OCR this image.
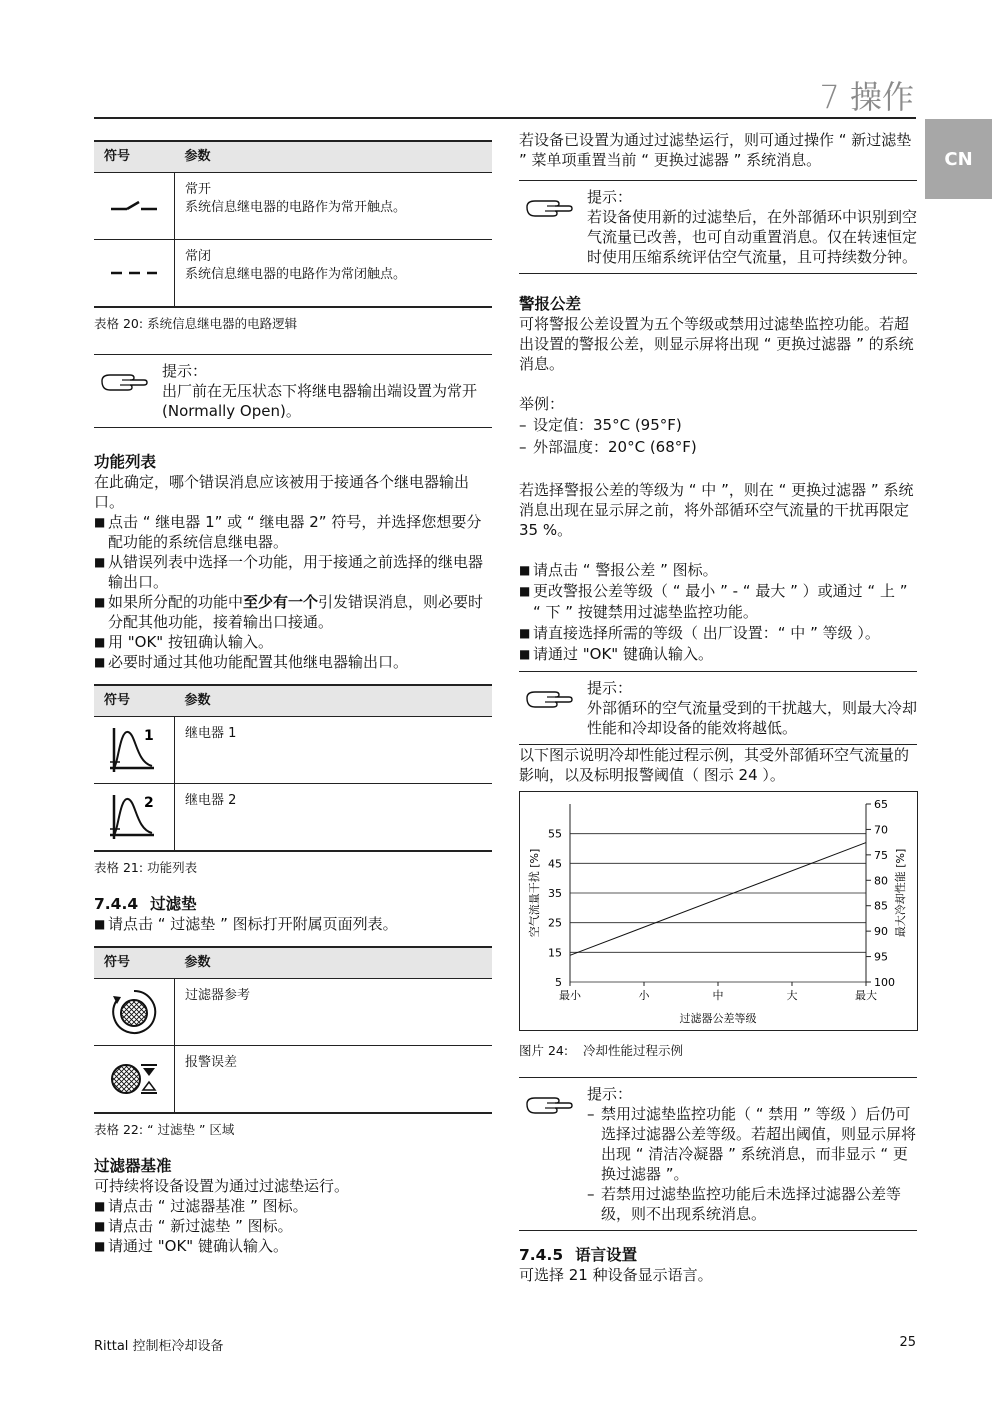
7 操作
CN
符号	参数

常开
系统信息继电器的电路作为常开触点。

常闭
系统信息继电器的电路作为常闭触点。
表格 20: 系统信息继电器的电路逻辑
提示：
出厂前在无压状态下将继电器输出端设置为常开 (Normally Open)。
功能列表

在此确定，哪个错误消息应该被用于接通各个继电器输出口。

■ 点击 “ 继电器 1” 或 “ 继电器 2” 符号，并选择您想要分配功能的系统信息继电器。
■ 从错误列表中选择一个功能，用于接通之前选择的继电器输出口。
■ 如果所分配的功能中至少有一个引发错误消息，则必要时分配其他功能，接着输出口接通。
■ 用 "OK" 按钮确认输入。
■ 必要时通过其他功能配置其他继电器输出口。
符号	参数

1	继电器 1

2	继电器 2
表格 21: 功能列表
7.4.4 过滤垫
■ 请点击 “ 过滤垫 ” 图标打开附属页面列表。
符号	参数

过滤器参考

报警误差
表格 22: “ 过滤垫 ” 区域
过滤器基准

可持续将设备设置为通过过滤垫运行。

■ 请点击 “ 过滤器基准 ” 图标。
■ 请点击 “ 新过滤垫 ” 图标。
■ 请通过 "OK" 键确认输入。

若设备已设置为通过过滤垫运行，则可通过操作 “ 新过滤垫 ” 菜单项重置当前 “ 更换过滤器 ” 系统消息。

提示：
若设备使用新的过滤垫后，在外部循环中识别到空气流量已改善，也可自动重置消息。仅在转速恒定时使用压缩系统评估空气流量，且可持续数分钟。
警报公差

可将警报公差设置为五个等级或禁用过滤垫监控功能。若超出设置的警报公差，则显示屏将出现 “ 更换过滤器 ” 的系统消息。

举例：

– 设定值：35°C (95°F)
– 外部温度：20°C (68°F)

若选择警报公差的等级为 “ 中 ”，则在 “ 更换过滤器 ” 系统消息出现在显示屏之前，将外部循环空气流量的干扰再限定 35 %。

■ 请点击 “ 警报公差 ” 图标。
■ 更改警报公差等级（ “ 最小 ” - “ 最大 ” ）或通过 “ 上 ” “ 下 ” 按键禁用过滤垫监控功能。
■ 请直接选择所需的等级（ 出厂设置：“ 中 ” 等级 ）。
■ 请通过 "OK" 键确认输入。
提示：
外部循环的空气流量受到的干扰越大，则最大冷却性能和冷却设备的能效将越低。

以下图示说明冷却性能过程示例，其受外部循环空气流量的影响，以及标明报警阈值（ 图示 24 ）。

5
15
25
35
45
55
100
95
90
85
80
75
70
65
最小	小	中	大	最大
过滤器公差等级
空气流量干扰 [%]	最大冷却性能 [%]
图片 24: 冷却性能过程示例
提示：
– 禁用过滤垫监控功能（ “ 禁用 ” 等级 ）后仍可选择过滤器公差等级。若超出阈值，则显示屏将出现 “ 清洁冷凝器 ” 系统消息，而非显示 “ 更换过滤器 ”。
– 若禁用过滤垫监控功能后未选择过滤器公差等级，则不出现系统消息。
7.4.5 语言设置

可选择 21 种设备显示语言。

Rittal 控制柜冷却设备	25
